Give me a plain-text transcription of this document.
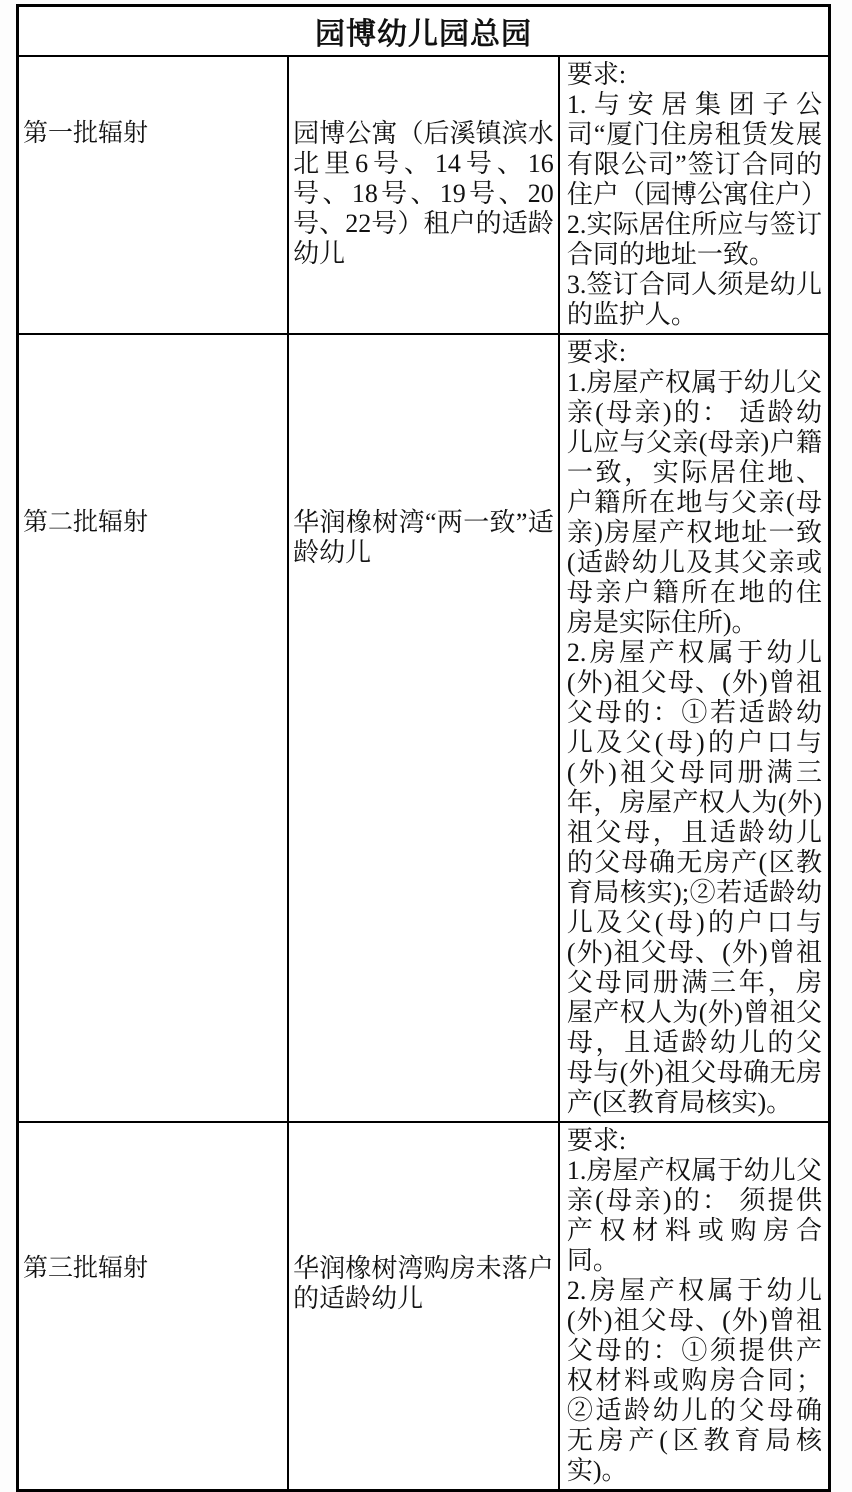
园博幼儿园总园		
第一批辐射	园博公寓（后溪镇滨水北里6号、14号、16号、18号、19号、20号、22号）租户的适龄幼儿	要求:

1.与安居集团子公司“厦门住房租赁发展有限公司”签订合同的住户（园博公寓住户）

2.实际居住所应与签订合同的地址一致。

3.签订合同人须是幼儿的监护人。

第二批辐射	华润橡树湾“两一致”适龄幼儿	要求:

1.房屋产权属于幼儿父亲(母亲)的： 适龄幼儿应与父亲(母亲)户籍一致，实际居住地、户籍所在地与父亲(母亲)房屋产权地址一致(适龄幼儿及其父亲或母亲户籍所在地的住房是实际住所)。

2.房屋产权属于幼儿(外)祖父母、(外)曾祖父母的：①若适龄幼儿及父(母)的户口与(外)祖父母同册满三年，房屋产权人为(外)祖父母，且适龄幼儿的父母确无房产(区教育局核实);②若适龄幼儿及父(母)的户口与(外)祖父母、(外)曾祖父母同册满三年，房屋产权人为(外)曾祖父母，且适龄幼儿的父母与(外)祖父母确无房产(区教育局核实)。

第三批辐射	华润橡树湾购房未落户的适龄幼儿	要求:

1.房屋产权属于幼儿父亲(母亲)的： 须提供产权材料或购房合同。

2.房屋产权属于幼儿(外)祖父母、(外)曾祖父母的：①须提供产权材料或购房合同；②适龄幼儿的父母确无房产(区教育局核实)。
